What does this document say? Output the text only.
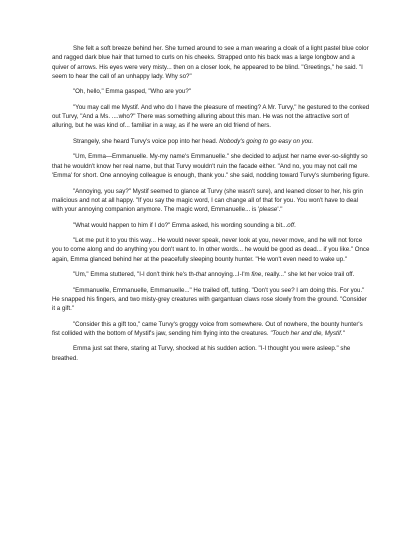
She felt a soft breeze behind her. She turned around to see a man wearing a cloak of a light pastel blue color and ragged dark blue hair that turned to curls on his cheeks. Strapped onto his back was a large longbow and a quiver of arrows. His eyes were very misty... then on a closer look, he appeared to be blind. "Greetings," he said. "I seem to hear the call of an unhappy lady. Why so?"

"Oh, hello," Emma gasped, "Who are you?"

"You may call me Mystif. And who do I have the pleasure of meeting? A Mr. Turvy," he gestured to the conked out Turvy, "And a Ms. ....who?" There was something alluring about this man. He was not the attractive sort of alluring, but he was kind of... familiar in a way, as if he were an old friend of hers.

Strangely, she heard Turvy's voice pop into her head. Nobody's going to go easy on you.

"Um, Emma—Emmanuelle. My-my name's Emmanuelle." she decided to adjust her name ever-so-slightly so that he wouldn't know her real name, but that Turvy wouldn't ruin the facade either. "And no, you may not call me 'Emma' for short. One annoying colleague is enough, thank you." she said, nodding toward Turvy's slumbering figure.

"Annoying, you say?" Mystif seemed to glance at Turvy (she wasn't sure), and leaned closer to her, his grin malicious and not at all happy. "If you say the magic word, I can change all of that for you. You won't have to deal with your annoying companion anymore. The magic word, Emmanuelle... is 'please'."

"What would happen to him if I do?" Emma asked, his wording sounding a bit...off.

"Let me put it to you this way... He would never speak, never look at you, never move, and he will not force you to come along and do anything you don't want to. In other words... he would be good as dead... if you like." Once again, Emma glanced behind her at the peacefully sleeping bounty hunter. "He won't even need to wake up."

"Um," Emma stuttered, "I-I don't think he's th-that annoying...I-I'm fine, really..." she let her voice trail off.

"Emmanuelle, Emmanuelle, Emmanuelle..." He trailed off, tutting. "Don't you see? I am doing this. For you." He snapped his fingers, and two misty-grey creatures with gargantuan claws rose slowly from the ground. "Consider it a gift."

"Consider this a gift too," came Turvy's groggy voice from somewhere. Out of nowhere, the bounty hunter's fist collided with the bottom of Mystif's jaw, sending him flying into the creatures. "Touch her and die, Mystif."

Emma just sat there, staring at Turvy, shocked at his sudden action. "I-I thought you were asleep." she breathed.
